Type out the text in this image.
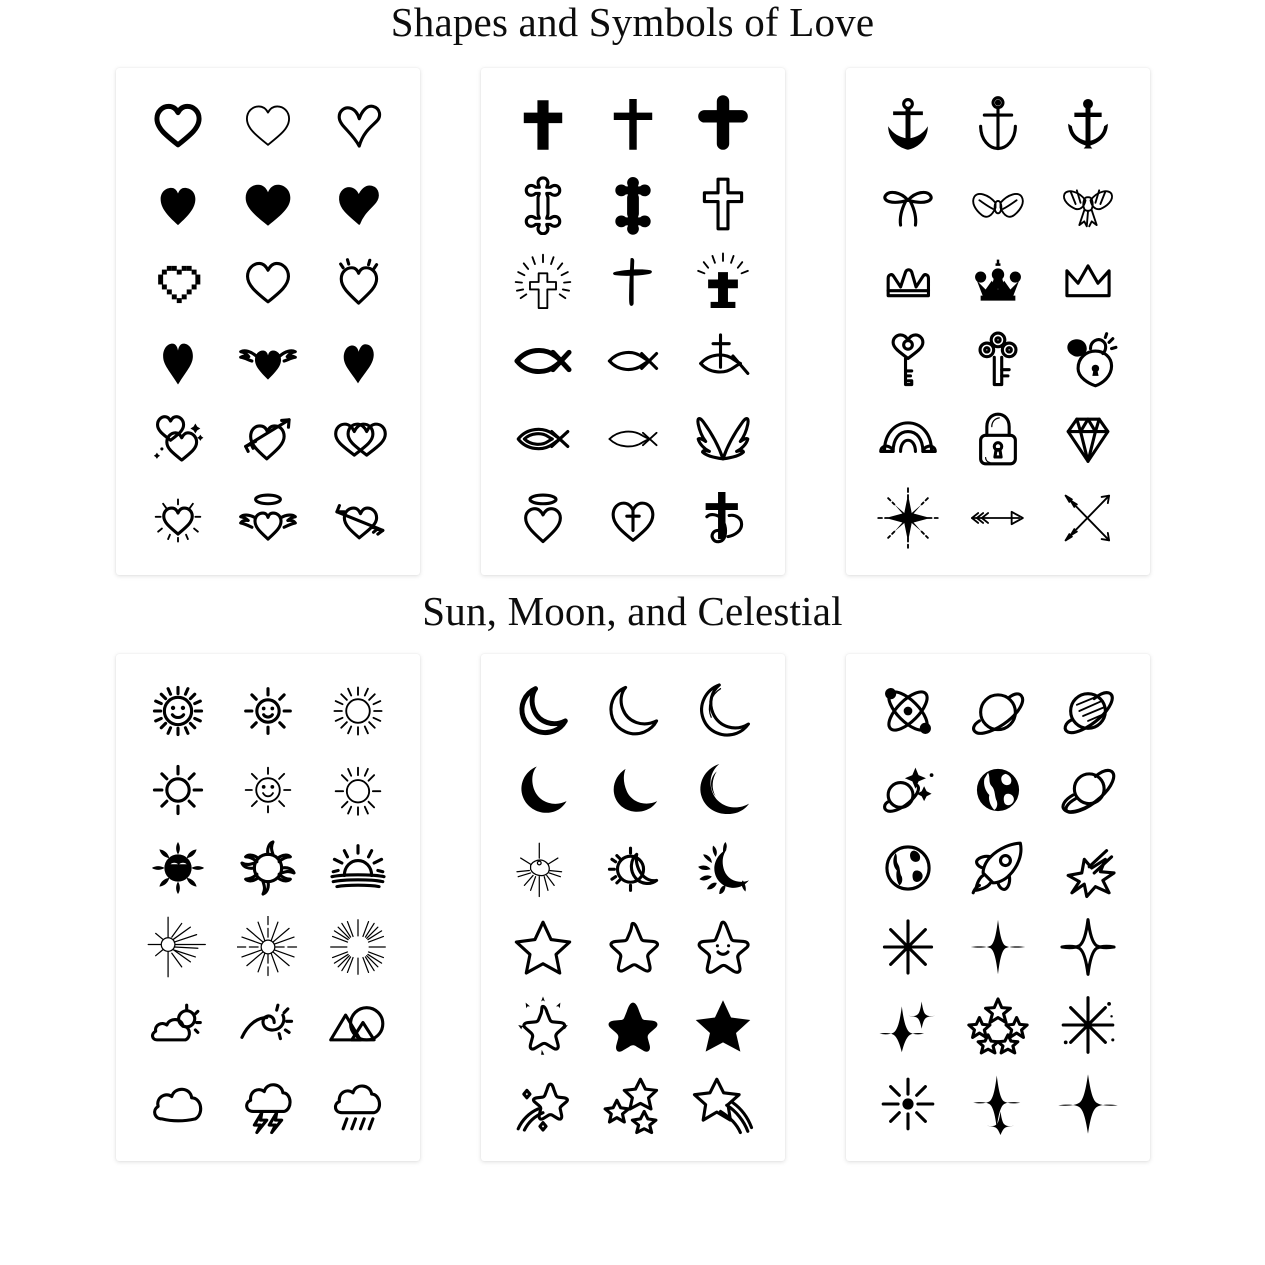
Shapes and Symbols of Love
Sun, Moon, and Celestial
